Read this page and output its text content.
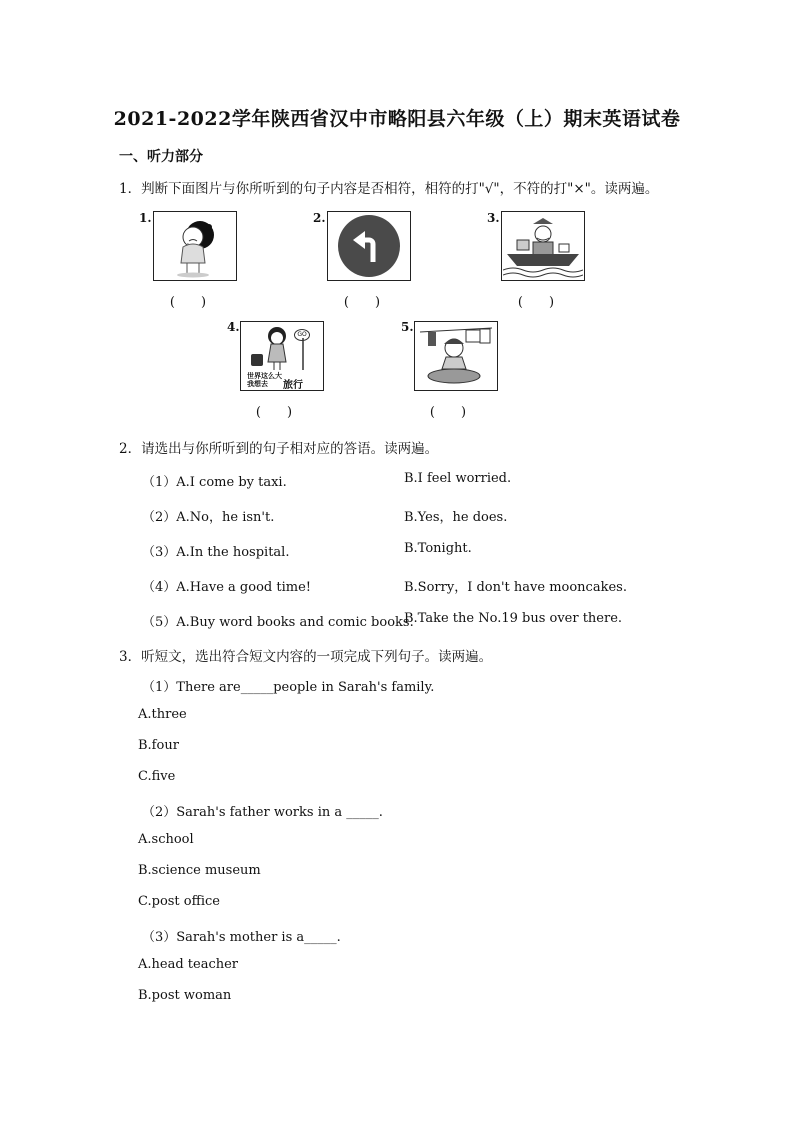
2021-2022学年陕西省汉中市略阳县六年级（上）期末英语试卷
一、听力部分
1．判断下面图片与你所听到的句子内容是否相符，相符的打"√"，不符的打"×"。读两遍。
1.
(　　)
2.
(　　)
3.
(　　)
4.
GO
世界这么大
我想去	旅行
(　　)
5.
(　　)
2．请选出与你所听到的句子相对应的答语。读两遍。
（1）A.I come by taxi.	B.I feel worried.
（2）A.No，he isn't.	B.Yes，he does.
（3）A.In the hospital.	B.Tonight.
（4）A.Have a good time!	B.Sorry，I don't have mooncakes.
（5）A.Buy word books and comic books.
B.Take the No.19 bus over there.
3．听短文，选出符合短文内容的一项完成下列句子。读两遍。
（1）There are_____people in Sarah's family.
A.three
B.four
C.five
（2）Sarah's father works in a _____.
A.school
B.science museum
C.post office
（3）Sarah's mother is a_____.
A.head teacher
B.post woman
